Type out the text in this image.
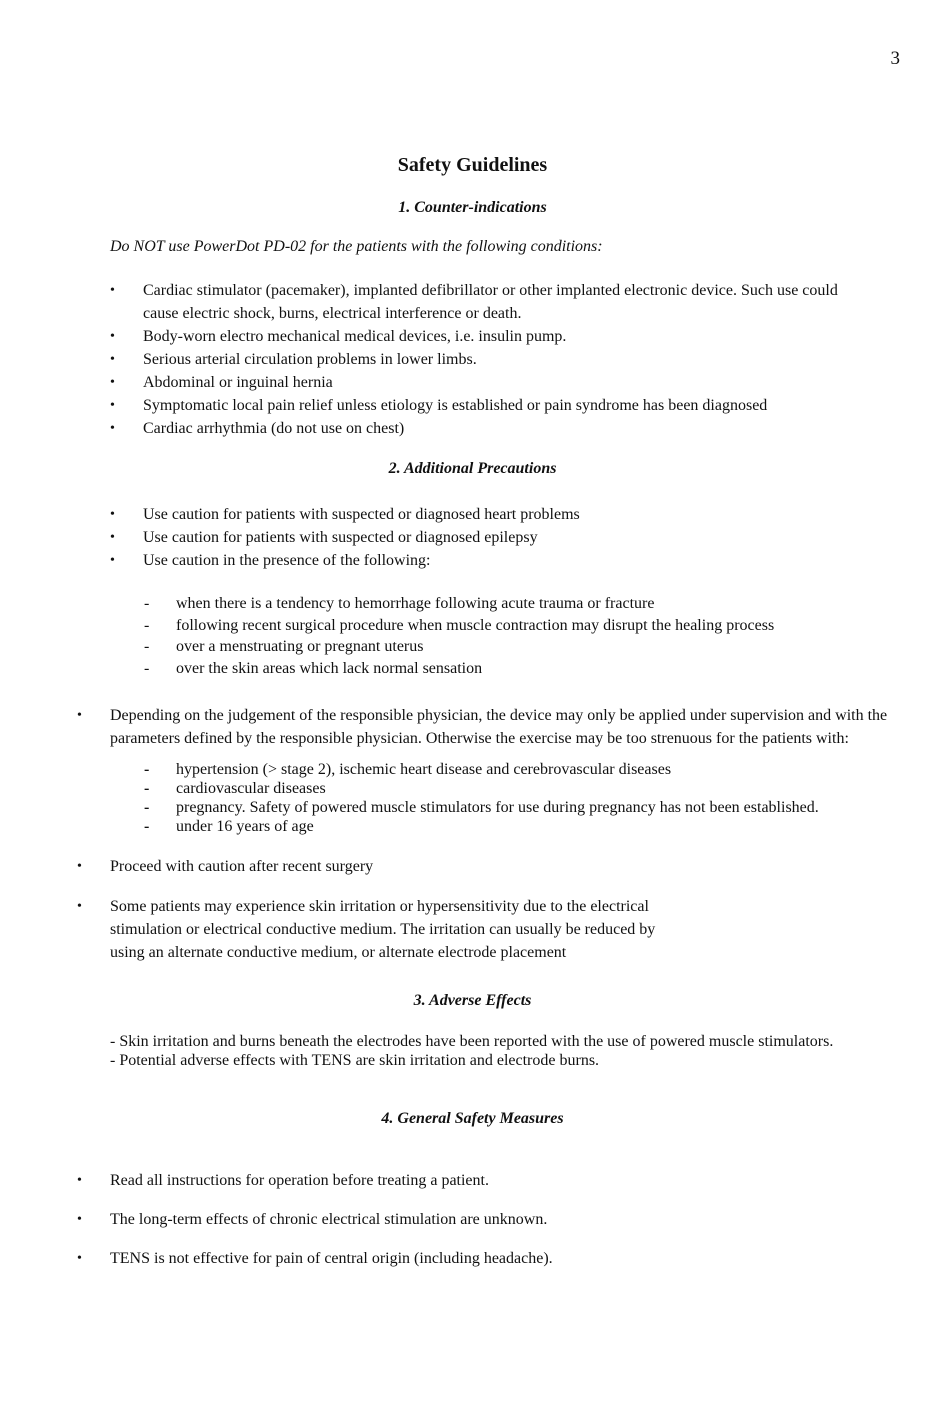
3
Safety Guidelines
1. Counter-indications
Do NOT use PowerDot PD-02 for the patients with the following conditions:
• Cardiac stimulator (pacemaker), implanted defibrillator or other implanted electronic device. Such use could cause electric shock, burns, electrical interference or death.
• Body-worn electro mechanical medical devices, i.e. insulin pump.
• Serious arterial circulation problems in lower limbs.
• Abdominal or inguinal hernia
• Symptomatic local pain relief unless etiology is established or pain syndrome has been diagnosed
• Cardiac arrhythmia (do not use on chest)
2. Additional Precautions
• Use caution for patients with suspected or diagnosed heart problems
• Use caution for patients with suspected or diagnosed epilepsy
• Use caution in the presence of the following:
- when there is a tendency to hemorrhage following acute trauma or fracture
- following recent surgical procedure when muscle contraction may disrupt the healing process
- over a menstruating or pregnant uterus
- over the skin areas which lack normal sensation
• Depending on the judgement of the responsible physician, the device may only be applied under supervision and with the parameters defined by the responsible physician. Otherwise the exercise may be too strenuous for the patients with:
- hypertension (> stage 2), ischemic heart disease and cerebrovascular diseases
- cardiovascular diseases
- pregnancy. Safety of powered muscle stimulators for use during pregnancy has not been established.
- under 16 years of age
• Proceed with caution after recent surgery
• Some patients may experience skin irritation or hypersensitivity due to the electrical
stimulation or electrical conductive medium. The irritation can usually be reduced by
using an alternate conductive medium, or alternate electrode placement
3. Adverse Effects
- Skin irritation and burns beneath the electrodes have been reported with the use of powered muscle stimulators.
- Potential adverse effects with TENS are skin irritation and electrode burns.
4. General Safety Measures
• Read all instructions for operation before treating a patient.
• The long-term effects of chronic electrical stimulation are unknown.
• TENS is not effective for pain of central origin (including headache).
